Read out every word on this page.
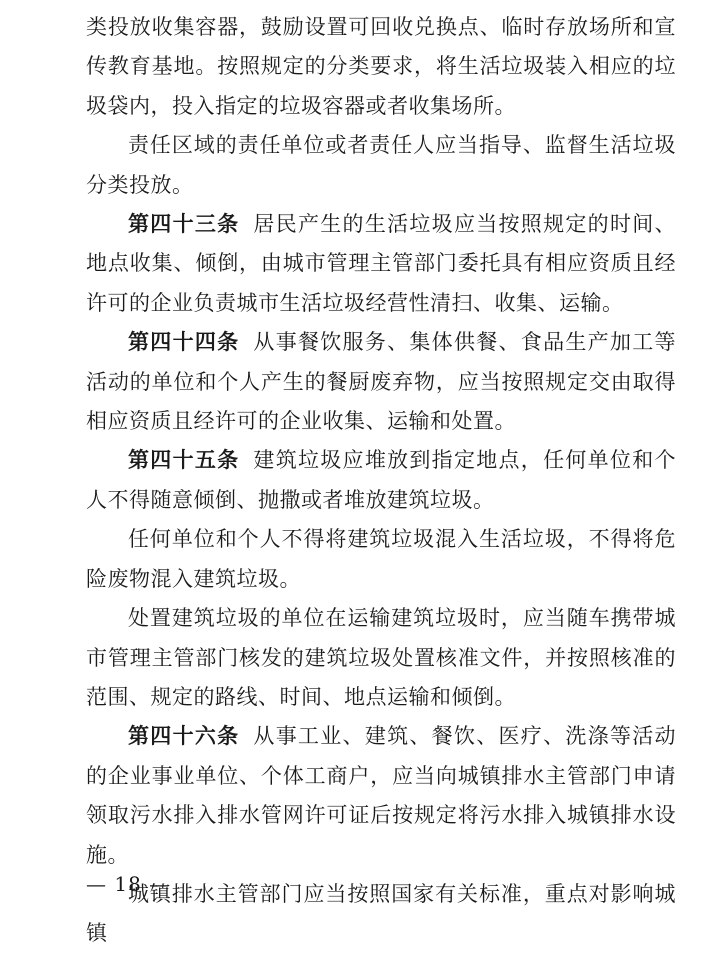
类投放收集容器，鼓励设置可回收兑换点、临时存放场所和宣传教育基地。按照规定的分类要求，将生活垃圾装入相应的垃圾袋内，投入指定的垃圾容器或者收集场所。

责任区域的责任单位或者责任人应当指导、监督生活垃圾分类投放。

第四十三条 居民产生的生活垃圾应当按照规定的时间、地点收集、倾倒，由城市管理主管部门委托具有相应资质且经许可的企业负责城市生活垃圾经营性清扫、收集、运输。

第四十四条 从事餐饮服务、集体供餐、食品生产加工等活动的单位和个人产生的餐厨废弃物，应当按照规定交由取得相应资质且经许可的企业收集、运输和处置。

第四十五条 建筑垃圾应堆放到指定地点，任何单位和个人不得随意倾倒、抛撒或者堆放建筑垃圾。

任何单位和个人不得将建筑垃圾混入生活垃圾，不得将危险废物混入建筑垃圾。

处置建筑垃圾的单位在运输建筑垃圾时，应当随车携带城市管理主管部门核发的建筑垃圾处置核准文件，并按照核准的范围、规定的路线、时间、地点运输和倾倒。

第四十六条 从事工业、建筑、餐饮、医疗、洗涤等活动的企业事业单位、个体工商户，应当向城镇排水主管部门申请领取污水排入排水管网许可证后按规定将污水排入城镇排水设施。

城镇排水主管部门应当按照国家有关标准，重点对影响城镇

— 18 —
